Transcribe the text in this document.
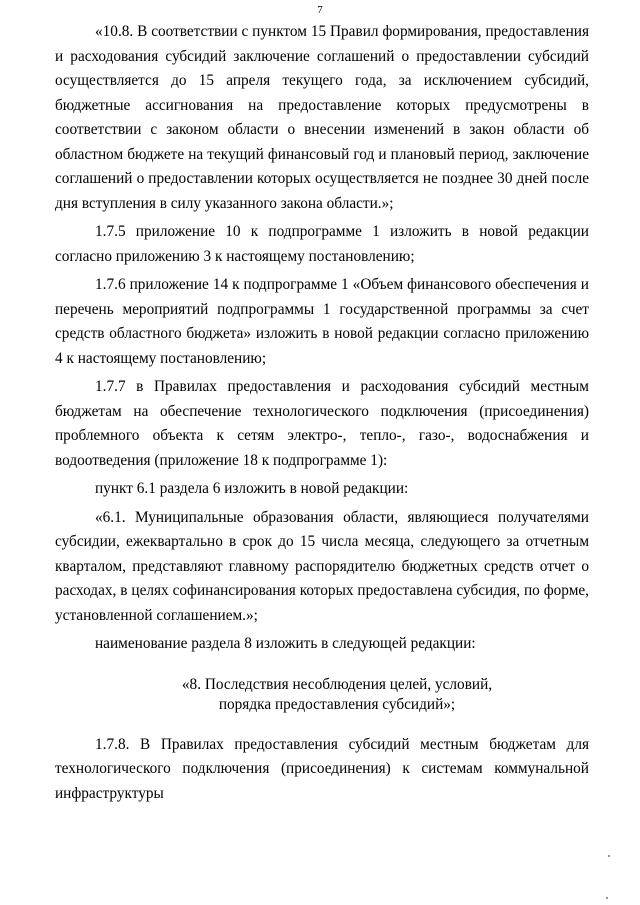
7

«10.8. В соответствии с пунктом 15 Правил формирования, предоставления и расходования субсидий заключение соглашений о предоставлении субсидий осуществляется до 15 апреля текущего года, за исключением субсидий, бюджетные ассигнования на предоставление которых предусмотрены в соответствии с законом области о внесении изменений в закон области об областном бюджете на текущий финансовый год и плановый период, заключение соглашений о предоставлении которых осуществляется не позднее 30 дней после дня вступления в силу указанного закона области.»;

1.7.5 приложение 10 к подпрограмме 1 изложить в новой редакции согласно приложению 3 к настоящему постановлению;

1.7.6 приложение 14 к подпрограмме 1 «Объем финансового обеспечения и перечень мероприятий подпрограммы 1 государственной программы за счет средств областного бюджета» изложить в новой редакции согласно приложению 4 к настоящему постановлению;

1.7.7 в Правилах предоставления и расходования субсидий местным бюджетам на обеспечение технологического подключения (присоединения) проблемного объекта к сетям электро-, тепло-, газо-, водоснабжения и водоотведения (приложение 18 к подпрограмме 1):

пункт 6.1 раздела 6 изложить в новой редакции:

«6.1. Муниципальные образования области, являющиеся получателями субсидии, ежеквартально в срок до 15 числа месяца, следующего за отчетным кварталом, представляют главному распорядителю бюджетных средств отчет о расходах, в целях софинансирования которых предоставлена субсидия, по форме, установленной соглашением.»;

наименование раздела 8 изложить в следующей редакции:

«8. Последствия несоблюдения целей, условий,
порядка предоставления субсидий»;

1.7.8. В Правилах предоставления субсидий местным бюджетам для технологического подключения (присоединения) к системам коммунальной инфраструктуры
